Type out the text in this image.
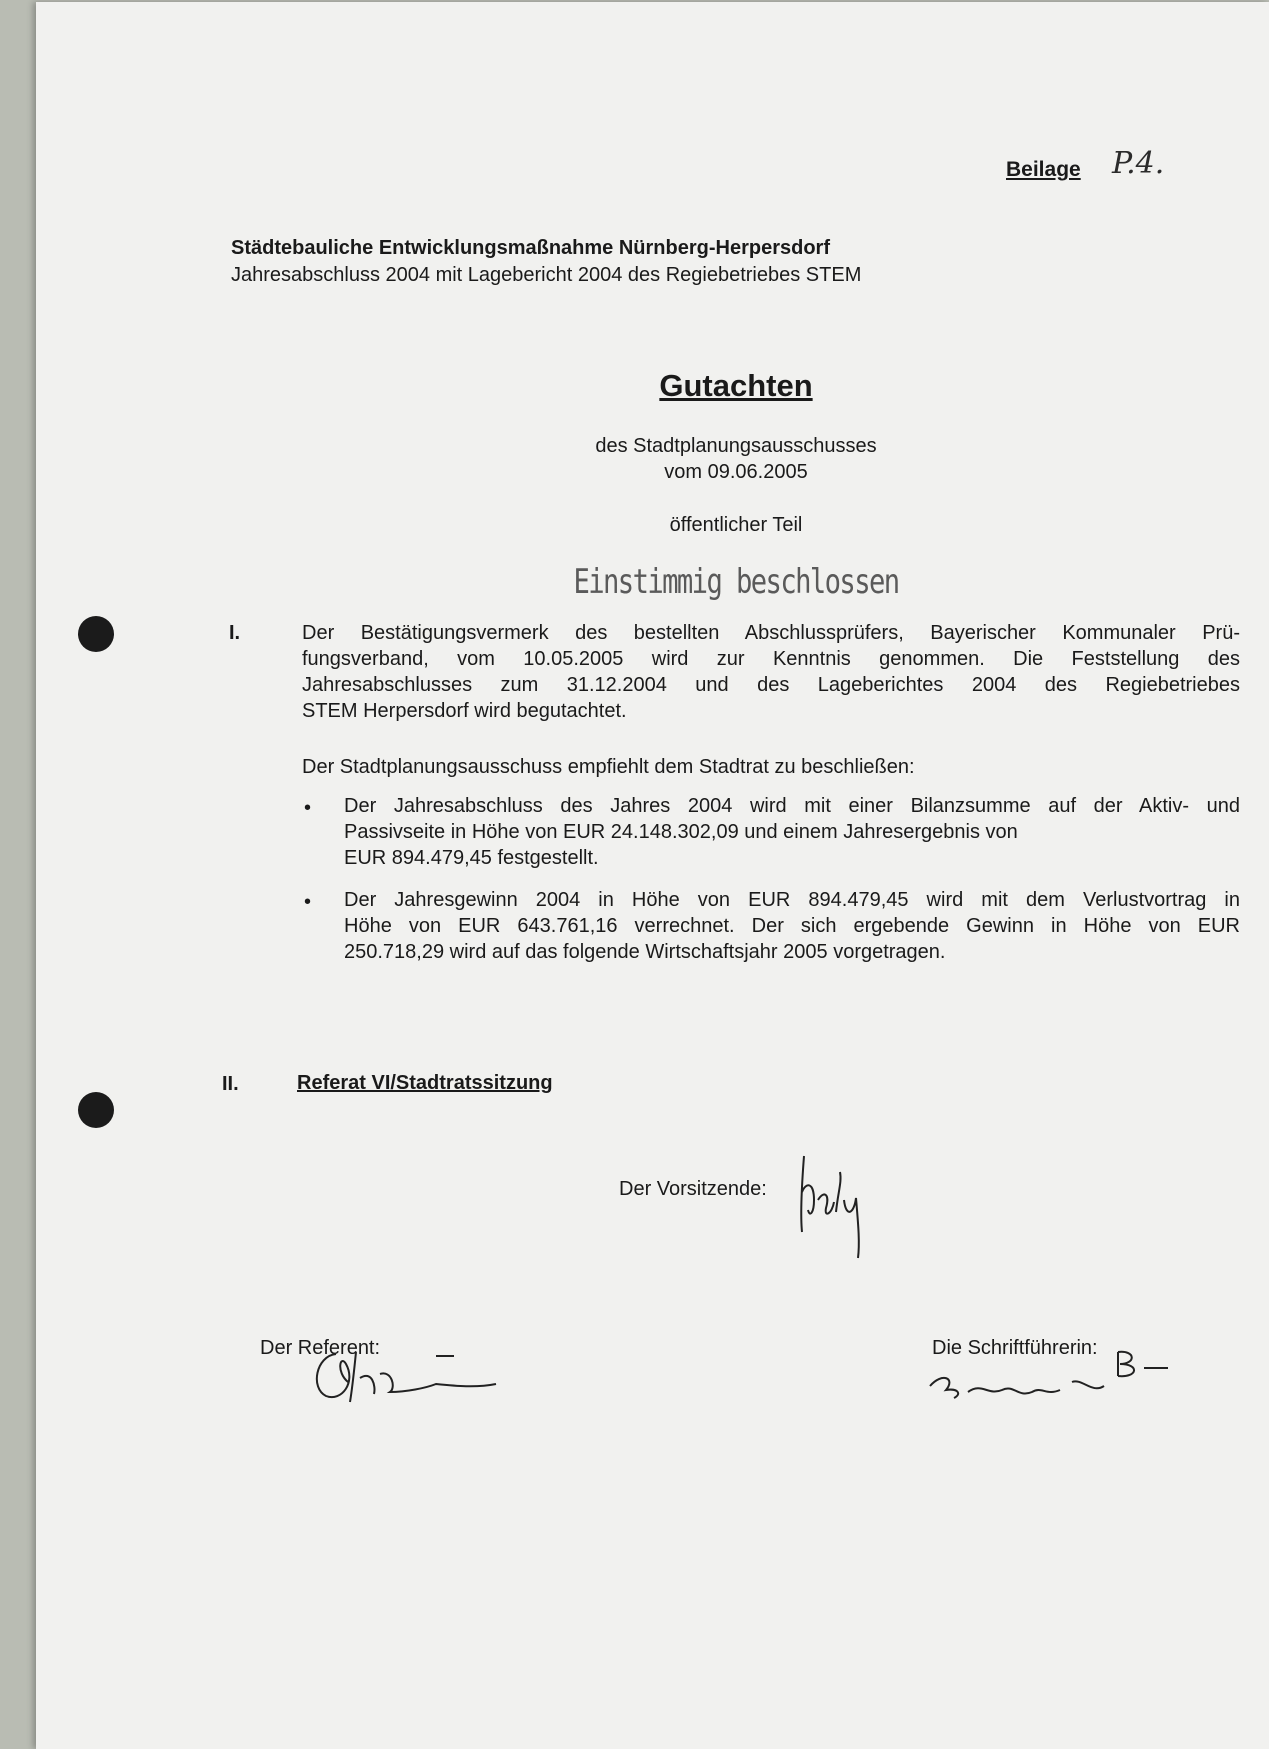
Beilage P.4.
Städtebauliche Entwicklungsmaßnahme Nürnberg-Herpersdorf
Jahresabschluss 2004 mit Lagebericht 2004 des Regiebetriebes STEM
Gutachten
des Stadtplanungsausschusses
vom 09.06.2005
öffentlicher Teil
Einstimmig beschlossen
I.	Der Bestätigungsvermerk des bestellten Abschlussprüfers, Bayerischer Kommunaler Prü-
fungsverband, vom 10.05.2005 wird zur Kenntnis genommen. Die Feststellung des
Jahresabschlusses zum 31.12.2004 und des Lageberichtes 2004 des Regiebetriebes
STEM Herpersdorf wird begutachtet.
Der Stadtplanungsausschuss empfiehlt dem Stadtrat zu beschließen:
• Der Jahresabschluss des Jahres 2004 wird mit einer Bilanzsumme auf der Aktiv- und
Passivseite in Höhe von EUR 24.148.302,09 und einem Jahresergebnis von
EUR 894.479,45 festgestellt.
• Der Jahresgewinn 2004 in Höhe von EUR 894.479,45 wird mit dem Verlustvortrag in
Höhe von EUR 643.761,16 verrechnet. Der sich ergebende Gewinn in Höhe von EUR
250.718,29 wird auf das folgende Wirtschaftsjahr 2005 vorgetragen.
II.	Referat VI/Stadtratssitzung
Der Vorsitzende:
Der Referent:	Die Schriftführerin:
